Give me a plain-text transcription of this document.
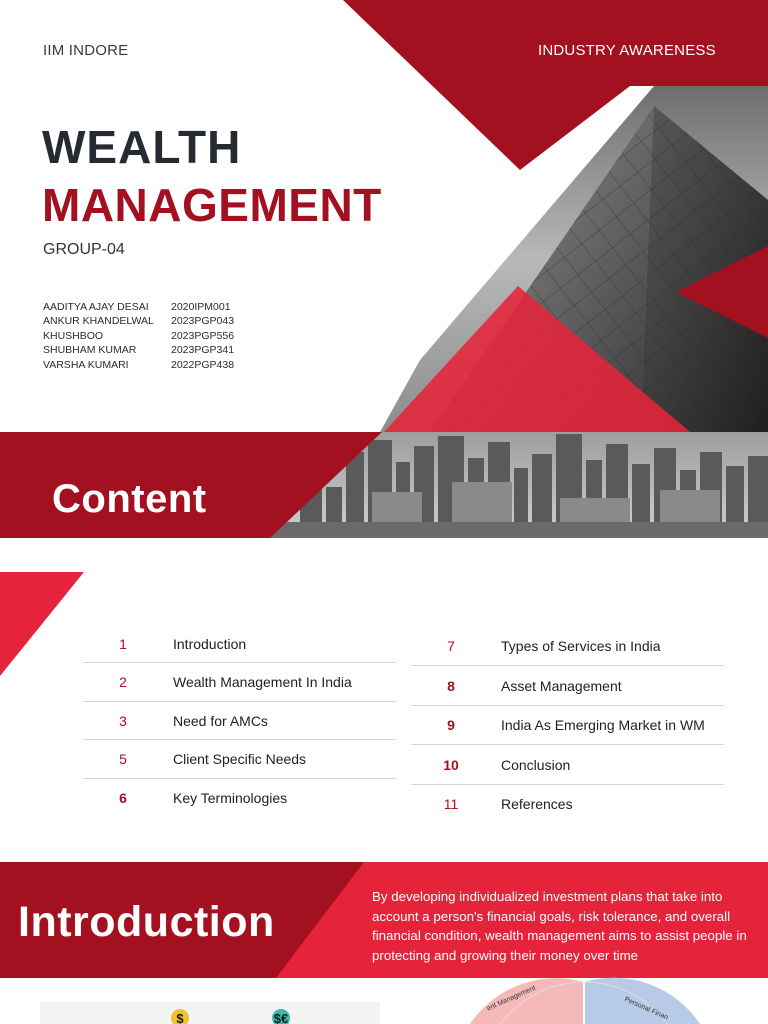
IIM INDORE	INDUSTRY AWARENESS
WEALTH
MANAGEMENT
GROUP-04
AADITYA AJAY DESAI	2020IPM001
ANKUR KHANDELWAL	2023PGP043
KHUSHBOO	2023PGP556
SHUBHAM KUMAR	2023PGP341
VARSHA KUMARI	2022PGP438
Content
1	Introduction
2	Wealth Management In India
3	Need for AMCs
5	Client Specific Needs
6	Key Terminologies
7	Types of Services in India
8	Asset Management
9	India As Emerging Market in WM
10	Conclusion
11	References
$	$€
Introduction
By developing individualized investment plans that take into account a person's financial goals, risk tolerance, and overall financial condition, wealth management aims to assist people in protecting and growing their money over time
ent Management	Personal Finan
